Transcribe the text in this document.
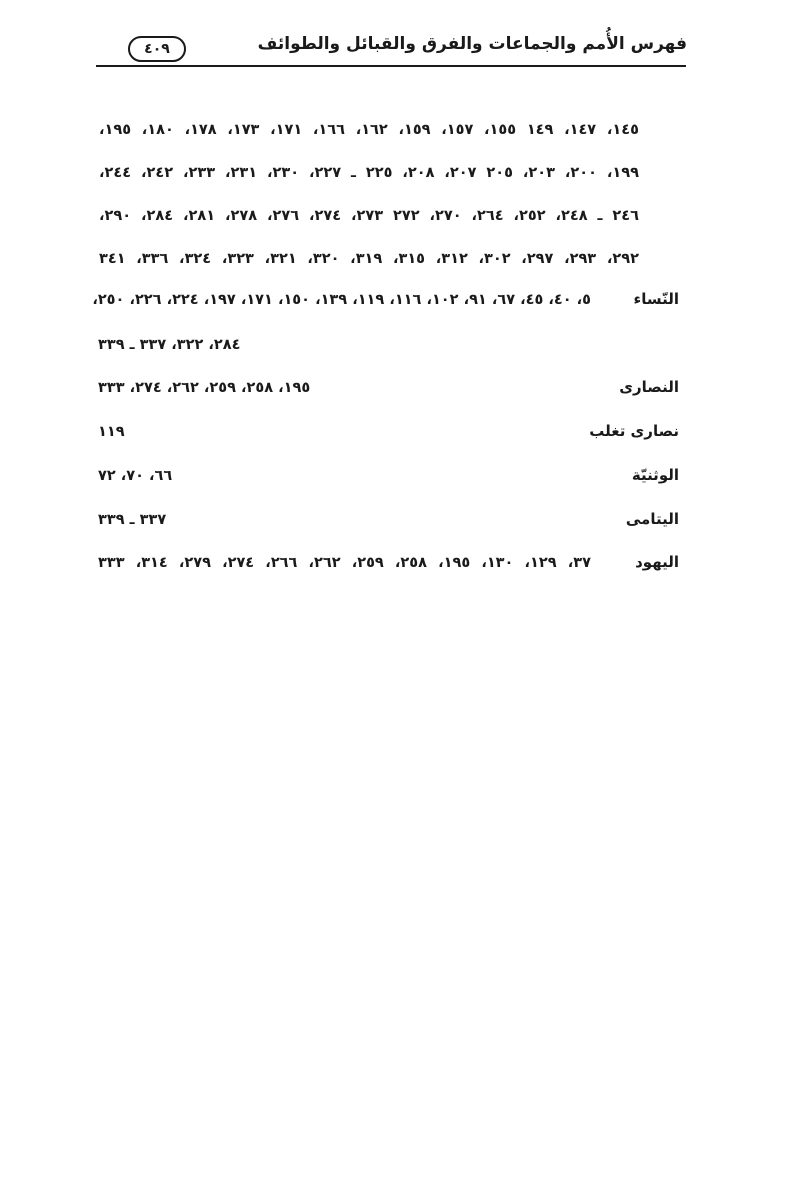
فهرس الأُمم والجماعات والفرق والقبائل والطوائف
٤٠٩
١٤٥، ١٤٧، ١٤٩ ١٥٥، ١٥٧، ١٥٩، ١٦٢، ١٦٦، ١٧١، ١٧٣، ١٧٨، ١٨٠، ١٩٥،
١٩٩، ٢٠٠، ٢٠٣، ٢٠٥ ٢٠٧، ٢٠٨، ٢٢٥ ـ ٢٢٧، ٢٣٠، ٢٣١، ٢٣٣، ٢٤٢، ٢٤٤،
٢٤٦ ـ ٢٤٨، ٢٥٢، ٢٦٤، ٢٧٠، ٢٧٢ ٢٧٣، ٢٧٤، ٢٧٦، ٢٧٨، ٢٨١، ٢٨٤، ٢٩٠،
٢٩٢، ٢٩٣، ٢٩٧، ٣٠٢، ٣١٢، ٣١٥، ٣١٩، ٣٢٠، ٣٢١، ٣٢٣، ٣٢٤، ٣٣٦، ٣٤١
النّساء
٥، ٤٠، ٤٥، ٦٧، ٩١، ١٠٢، ١١٦، ١١٩، ١٣٩، ١٥٠، ١٧١، ١٩٧، ٢٢٤، ٢٢٦، ٢٥٠،
٢٨٤، ٣٢٢، ٣٣٧ ـ ٣٣٩
النصارى
١٩٥، ٢٥٨، ٢٥٩، ٢٦٢، ٢٧٤، ٣٣٣
نصارى تغلب
١١٩
الوثنيّة
٦٦، ٧٠، ٧٢
اليتامى
٣٣٧ ـ ٣٣٩
اليهود
٣٧، ١٢٩، ١٣٠، ١٩٥، ٢٥٨، ٢٥٩، ٢٦٢، ٢٦٦، ٢٧٤، ٢٧٩، ٣١٤، ٣٣٣
